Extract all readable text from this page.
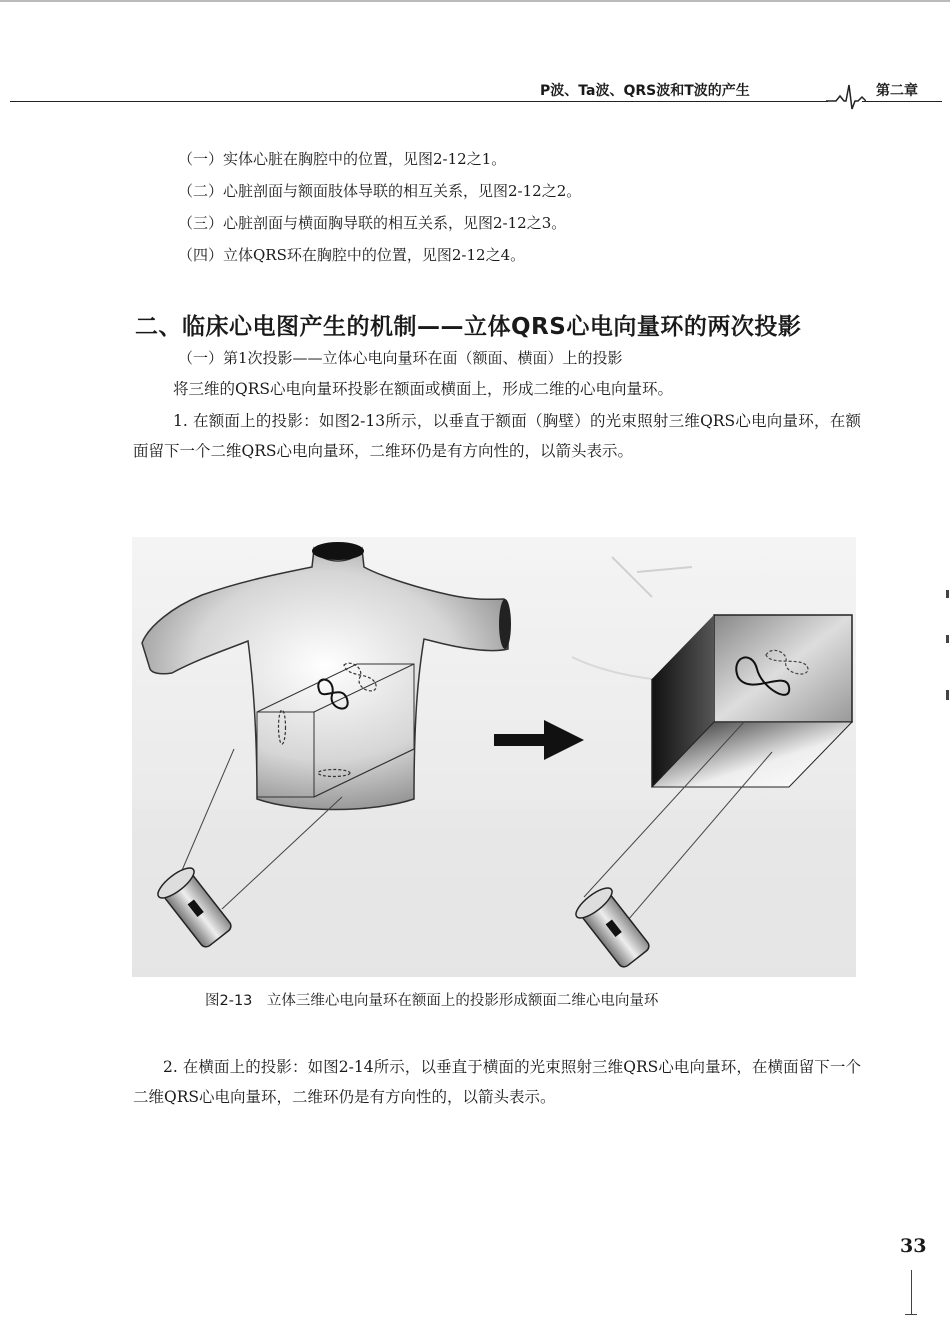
P波、Ta波、QRS波和T波的产生	第二章
（一）实体心脏在胸腔中的位置，见图2-12之1。
（二）心脏剖面与额面肢体导联的相互关系，见图2-12之2。
（三）心脏剖面与横面胸导联的相互关系，见图2-12之3。
（四）立体QRS环在胸腔中的位置，见图2-12之4。
二、临床心电图产生的机制——立体QRS心电向量环的两次投影
（一）第1次投影——立体心电向量环在面（额面、横面）上的投影
将三维的QRS心电向量环投影在额面或横面上，形成二维的心电向量环。
1. 在额面上的投影：如图2-13所示，以垂直于额面（胸壁）的光束照射三维QRS心电向量环，在额面留下一个二维QRS心电向量环，二维环仍是有方向性的，以箭头表示。
图2-13　立体三维心电向量环在额面上的投影形成额面二维心电向量环
2. 在横面上的投影：如图2-14所示，以垂直于横面的光束照射三维QRS心电向量环，在横面留下一个二维QRS心电向量环，二维环仍是有方向性的，以箭头表示。
33
